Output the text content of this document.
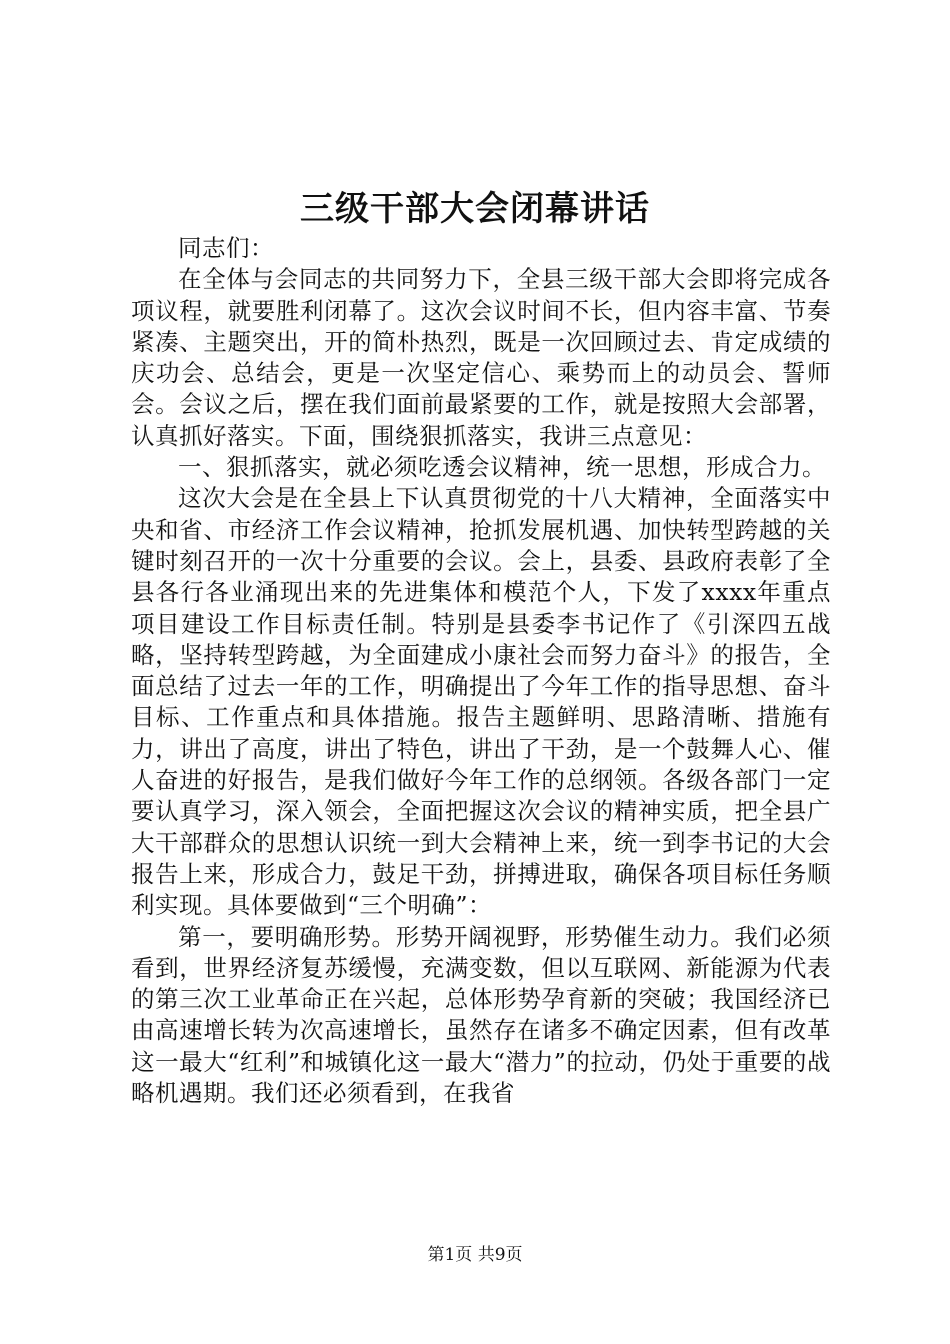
三级干部大会闭幕讲话

同志们：

在全体与会同志的共同努力下，全县三级干部大会即将完成各项议程，就要胜利闭幕了。这次会议时间不长，但内容丰富、节奏紧凑、主题突出，开的简朴热烈，既是一次回顾过去、肯定成绩的庆功会、总结会，更是一次坚定信心、乘势而上的动员会、誓师会。会议之后，摆在我们面前最紧要的工作，就是按照大会部署，认真抓好落实。下面，围绕狠抓落实，我讲三点意见：

一、狠抓落实，就必须吃透会议精神，统一思想，形成合力。

这次大会是在全县上下认真贯彻党的十八大精神，全面落实中央和省、市经济工作会议精神，抢抓发展机遇、加快转型跨越的关键时刻召开的一次十分重要的会议。会上，县委、县政府表彰了全县各行各业涌现出来的先进集体和模范个人，下发了xxxx年重点项目建设工作目标责任制。特别是县委李书记作了《引深四五战略，坚持转型跨越，为全面建成小康社会而努力奋斗》的报告，全面总结了过去一年的工作，明确提出了今年工作的指导思想、奋斗目标、工作重点和具体措施。报告主题鲜明、思路清晰、措施有力，讲出了高度，讲出了特色，讲出了干劲，是一个鼓舞人心、催人奋进的好报告，是我们做好今年工作的总纲领。各级各部门一定要认真学习，深入领会，全面把握这次会议的精神实质，把全县广大干部群众的思想认识统一到大会精神上来，统一到李书记的大会报告上来，形成合力，鼓足干劲，拼搏进取，确保各项目标任务顺利实现。具体要做到“三个明确”：

第一，要明确形势。形势开阔视野，形势催生动力。我们必须看到，世界经济复苏缓慢，充满变数，但以互联网、新能源为代表的第三次工业革命正在兴起，总体形势孕育新的突破；我国经济已由高速增长转为次高速增长，虽然存在诸多不确定因素，但有改革这一最大“红利”和城镇化这一最大“潜力”的拉动，仍处于重要的战略机遇期。我们还必须看到，在我省

第1页 共9页
